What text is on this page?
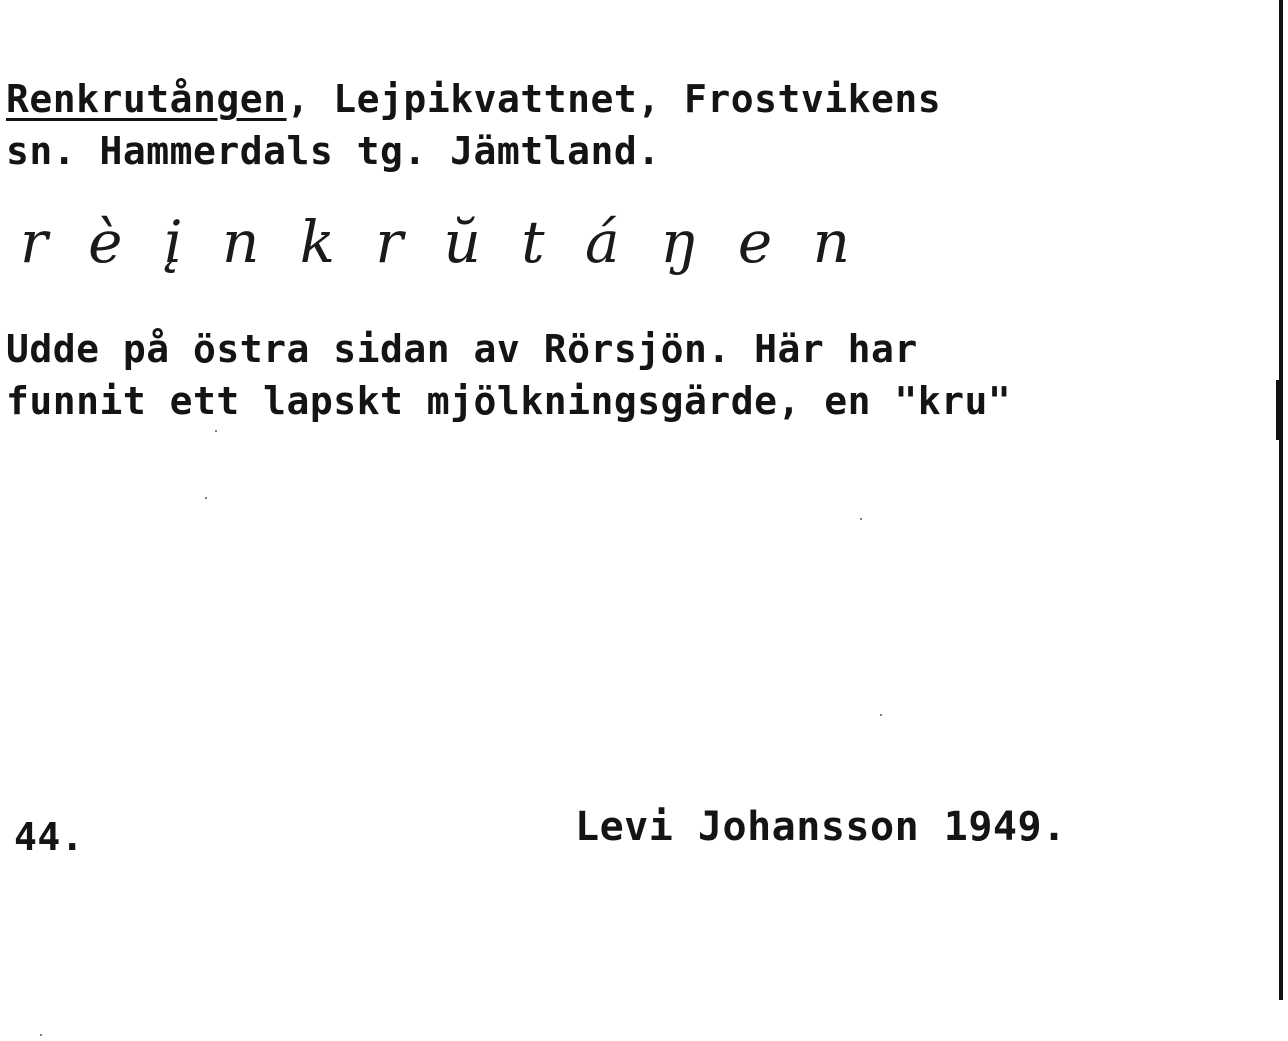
Renkrutången, Lejpikvattnet, Frostvikens
sn. Hammerdals tg. Jämtland.
rèįnkrŭtáŋen
Udde på östra sidan av Rörsjön. Här har
funnit ett lapskt mjölkningsgärde, en "kru"
44.	Levi Johansson 1949.
